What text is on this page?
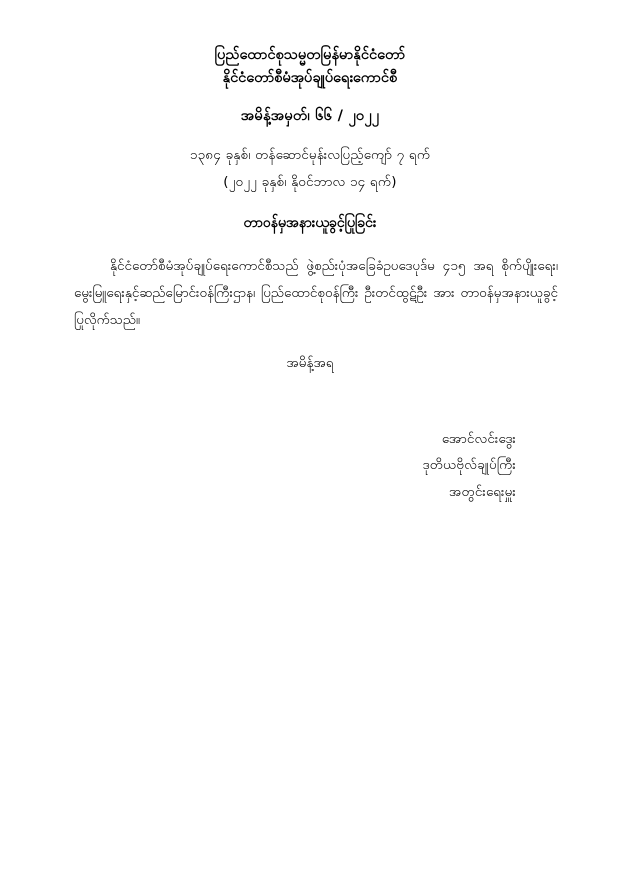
ပြည်ထောင်စုသမ္မတမြန်မာနိုင်ငံတော်
နိုင်ငံတော်စီမံအုပ်ချုပ်ရေးကောင်စီ
အမိန့်အမှတ်၊ ၆၆ / ၂၀၂၂
၁၃၈၄ ခုနှစ်၊ တန်ဆောင်မုန်းလပြည့်ကျော် ၇ ရက်
(၂၀၂၂ ခုနှစ်၊ နိုဝင်ဘာလ ၁၄ ရက်)
တာဝန်မှအနားယူခွင့်ပြုခြင်း

နိုင်ငံတော်စီမံအုပ်ချုပ်ရေးကောင်စီသည် ဖွဲ့စည်းပုံအခြေခံဥပဒေပုဒ်မ ၄၁၅ အရ စိုက်ပျိုးရေး၊မွေးမြူရေးနှင့်ဆည်မြောင်းဝန်ကြီးဌာန၊ ပြည်ထောင်စုဝန်ကြီး ဦးတင်ထွဋ်ဦး အား တာဝန်မှအနားယူခွင့်ပြုလိုက်သည်။

အမိန့်အရ
အောင်လင်းဒွေး
ဒုတိယဗိုလ်ချုပ်ကြီး
အတွင်းရေးမှူး
